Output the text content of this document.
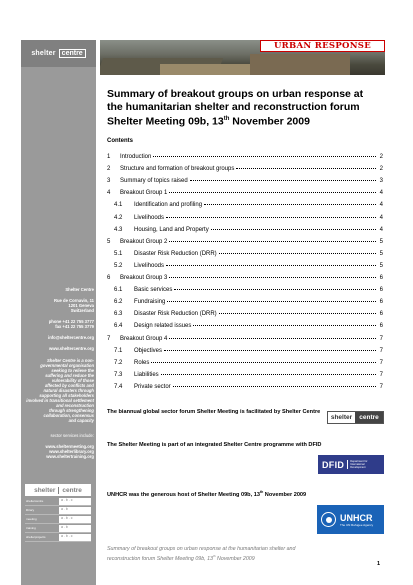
shelter centre
Shelter Centre
Rue de Cornavin, 11
1201 Geneva
Switzerland
phone +41 22 755 3777
fax +41 22 755 3779
info@sheltercentre.org
www.sheltercentre.org
Shelter Centre is a non-
governmental organisation
seeking to relieve the
suffering and reduce the
vulnerability of those
affected by conflicts and
natural disasters through
supporting all stakeholders
involved in transitional settlement
and reconstruction
through strengthening
collaboration, consensus
and capacity
sector services include:
www.sheltermeeting.org
www.shelterlibrary.org
www.sheltertraining.org
shelter	centre
sheltercentre	a . b . c
library	a . b
meeting	a . b . c
training	a . b
shelterprojects	a . b . c
URBAN RESPONSE
Summary of breakout groups on urban response at
the humanitarian shelter and reconstruction forum
Shelter Meeting 09b, 13th November 2009
Contents
1	Introduction	2
2	Structure and formation of breakout groups	2
3	Summary of topics raised	3
4	Breakout Group 1	4
4.1	Identification and profiling	4
4.2	Livelihoods	4
4.3	Housing, Land and Property	4
5	Breakout Group 2	5
5.1	Disaster Risk Reduction (DRR)	5
5.2	Livelihoods	5
6	Breakout Group 3	6
6.1	Basic services	6
6.2	Fundraising	6
6.3	Disaster Risk Reduction (DRR)	6
6.4	Design related issues	6
7	Breakout Group 4	7
7.1	Objectives	7
7.2	Roles	7
7.3	Liabilities	7
7.4	Private sector	7
The biannual global sector forum Shelter Meeting is facilitated by Shelter Centre
shelter	centre
The Shelter Meeting is part of an integrated Shelter Centre programme with DFID
DFID	Department for International Development
UNHCR was the generous host of Shelter Meeting 09b, 13th November 2009
UNHCR
The UN Refugee Agency
Summary of breakout groups on urban response at the humanitarian shelter and
reconstruction forum Shelter Meeting 09b, 13th November 2009
1
